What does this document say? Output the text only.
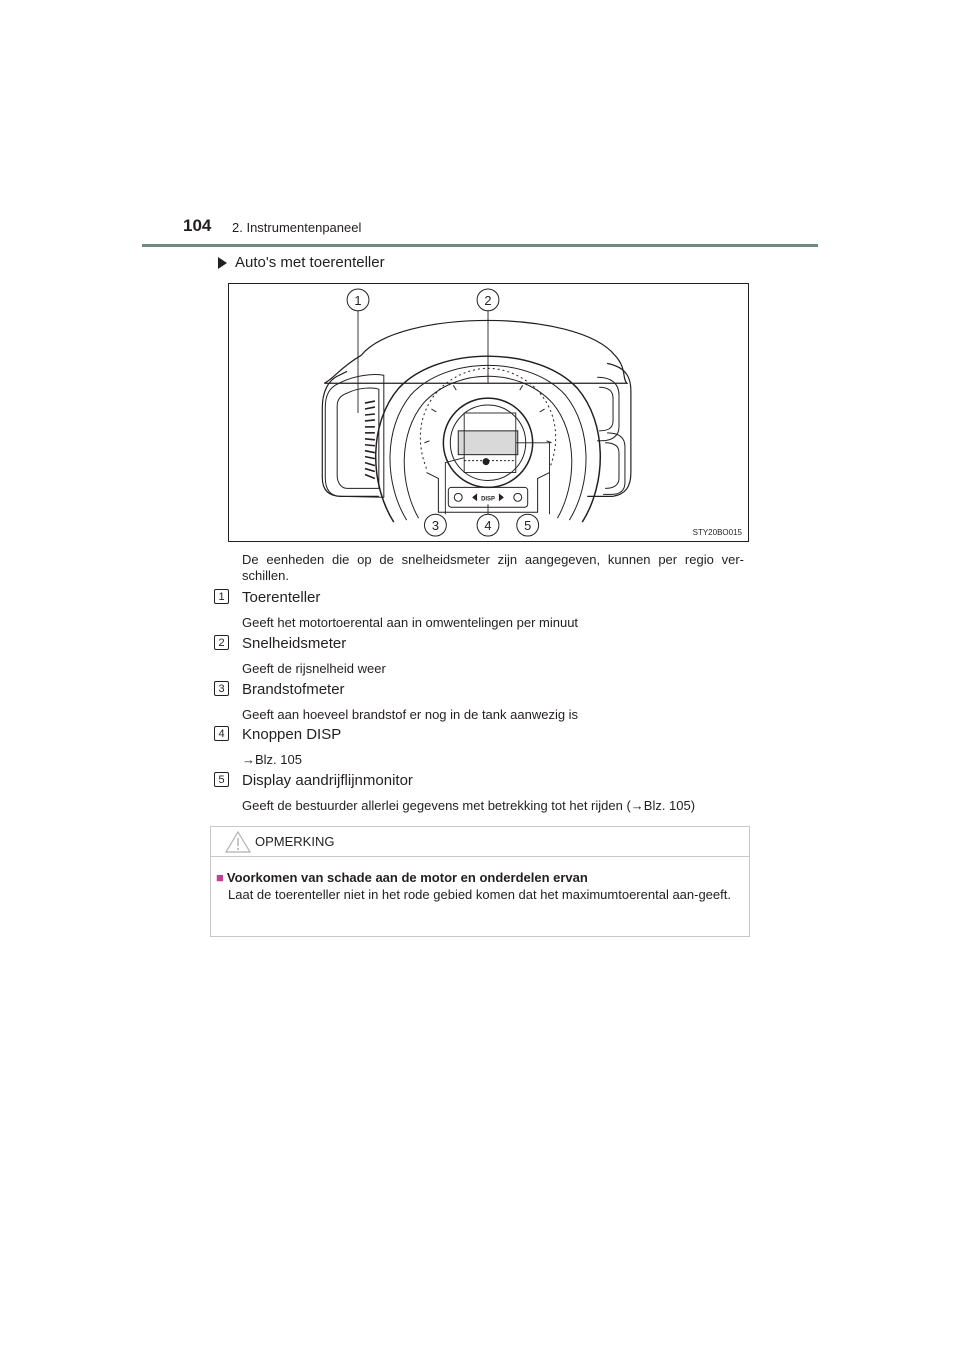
104 2. Instrumentenpaneel
Auto's met toerenteller
DISP
1	2
3	4	5	STY20BO015
De eenheden die op de snelheidsmeter zijn aangegeven, kunnen per regio ver-schillen.
1 Toerenteller
Geeft het motortoerental aan in omwentelingen per minuut
2 Snelheidsmeter
Geeft de rijsnelheid weer
3 Brandstofmeter
Geeft aan hoeveel brandstof er nog in de tank aanwezig is
4 Knoppen DISP
→Blz. 105
5 Display aandrijflijnmonitor
Geeft de bestuurder allerlei gegevens met betrekking tot het rijden (→Blz. 105)
OPMERKING
■ Voorkomen van schade aan de motor en onderdelen ervan
Laat de toerenteller niet in het rode gebied komen dat het maximumtoerental aan-geeft.
